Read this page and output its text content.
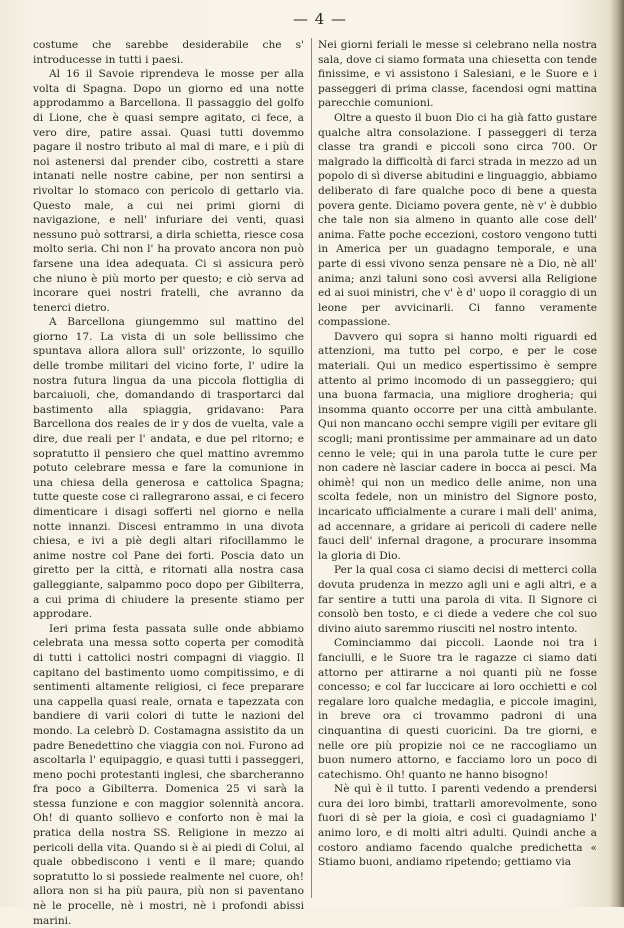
— 4 —

costume che sarebbe desiderabile che s' introducesse in tutti i paesi.

Al 16 il Savoie riprendeva le mosse per alla volta di Spagna. Dopo un giorno ed una notte approdammo a Barcellona. Il passaggio del golfo di Lione, che è quasi sempre agitato, ci fece, a vero dire, patire assai. Quasi tutti dovemmo pagare il nostro tributo al mal di mare, e i più di noi astenersi dal prender cibo, costretti a stare intanati nelle nostre cabine, per non sentirsi a rivoltar lo stomaco con pericolo di gettarlo via. Questo male, a cui nei primi giorni di navigazione, e nell' infuriare dei venti, quasi nessuno può sottrarsi, a dirla schietta, riesce cosa molto seria. Chi non l' ha provato ancora non può farsene una idea adequata. Ci si assicura però che niuno è più morto per questo; e ciò serva ad incorare quei nostri fratelli, che avranno da tenerci dietro.

A Barcellona giungemmo sul mattino del giorno 17. La vista di un sole bellissimo che spuntava allora allora sull' orizzonte, lo squillo delle trombe militari del vicino forte, l' udire la nostra futura lingua da una piccola flottiglia di barcaiuoli, che, domandando di trasportarci dal bastimento alla spiaggia, gridavano: Para Barcellona dos reales de ir y dos de vuelta, vale a dire, due reali per l' andata, e due pel ritorno; e sopratutto il pensiero che quel mattino avremmo potuto celebrare messa e fare la comunione in una chiesa della generosa e cattolica Spagna; tutte queste cose ci rallegrarono assai, e ci fecero dimenticare i disagi sofferti nel giorno e nella notte innanzi. Discesi entrammo in una divota chiesa, e ivi a piè degli altari rifocillammo le anime nostre col Pane dei forti. Poscia dato un giretto per la città, e ritornati alla nostra casa galleggiante, salpammo poco dopo per Gibilterra, a cui prima di chiudere la presente stiamo per approdare.

Ieri prima festa passata sulle onde abbiamo celebrata una messa sotto coperta per comodità di tutti i cattolici nostri compagni di viaggio. Il capitano del bastimento uomo compitissimo, e di sentimenti altamente religiosi, ci fece preparare una cappella quasi reale, ornata e tapezzata con bandiere di varii colori di tutte le nazioni del mondo. La celebrò D. Costamagna assistito da un padre Benedettino che viaggia con noi. Furono ad ascoltarla l' equipaggio, e quasi tutti i passeggeri, meno pochi protestanti inglesi, che sbarcheranno fra poco a Gibilterra. Domenica 25 vi sarà la stessa funzione e con maggior solennità ancora. Oh! di quanto sollievo e conforto non è mai la pratica della nostra SS. Religione in mezzo ai pericoli della vita. Quando si è ai piedi di Colui, al quale obbediscono i venti e il mare; quando sopratutto lo si possiede realmente nel cuore, oh! allora non si ha più paura, più non si paventano nè le procelle, nè i mostri, nè i profondi abissi marini.

Nei giorni feriali le messe si celebrano nella nostra sala, dove ci siamo formata una chiesetta con tende finissime, e vi assistono i Salesiani, e le Suore e i passeggeri di prima classe, facendosi ogni mattina parecchie comunioni.

Oltre a questo il buon Dio ci ha già fatto gustare qualche altra consolazione. I passeggeri di terza classe tra grandi e piccoli sono circa 700. Or malgrado la difficoltà di farci strada in mezzo ad un popolo di sì diverse abitudini e linguaggio, abbiamo deliberato di fare qualche poco di bene a questa povera gente. Diciamo povera gente, nè v' è dubbio che tale non sia almeno in quanto alle cose dell' anima. Fatte poche eccezioni, costoro vengono tutti in America per un guadagno temporale, e una parte di essi vivono senza pensare nè a Dio, nè all' anima; anzi taluni sono così avversi alla Religione ed ai suoi ministri, che v' è d' uopo il coraggio di un leone per avvicinarli. Ci fanno veramente compassione.

Davvero qui sopra si hanno molti riguardi ed attenzioni, ma tutto pel corpo, e per le cose materiali. Qui un medico espertissimo è sempre attento al primo incomodo di un passeggiero; qui una buona farmacia, una migliore drogheria; qui insomma quanto occorre per una città ambulante. Qui non mancano occhi sempre vigili per evitare gli scogli; mani prontissime per ammainare ad un dato cenno le vele; qui in una parola tutte le cure per non cadere nè lasciar cadere in bocca ai pesci. Ma ohimè! qui non un medico delle anime, non una scolta fedele, non un ministro del Signore posto, incaricato ufficialmente a curare i mali dell' anima, ad accennare, a gridare ai pericoli di cadere nelle fauci dell' infernal dragone, a procurare insomma la gloria di Dio.

Per la qual cosa ci siamo decisi di metterci colla dovuta prudenza in mezzo agli uni e agli altri, e a far sentire a tutti una parola di vita. Il Signore ci consolò ben tosto, e ci diede a vedere che col suo divino aiuto saremmo riusciti nel nostro intento.

Cominciammo dai piccoli. Laonde noi tra i fanciulli, e le Suore tra le ragazze ci siamo dati attorno per attirarne a noi quanti più ne fosse concesso; e col far luccicare ai loro occhietti e col regalare loro qualche medaglia, e piccole imagini, in breve ora ci trovammo padroni di una cinquantina di questi cuoricini. Da tre giorni, e nelle ore più propizie noi ce ne raccogliamo un buon numero attorno, e facciamo loro un poco di catechismo. Oh! quanto ne hanno bisogno!

Nè quì è il tutto. I parenti vedendo a prendersi cura dei loro bimbi, trattarli amorevolmente, sono fuori di sè per la gioia, e così ci guadagniamo l' animo loro, e di molti altri adulti. Quindi anche a costoro andiamo facendo qualche predichetta « Stiamo buoni, andiamo ripetendo; gettiamo via
